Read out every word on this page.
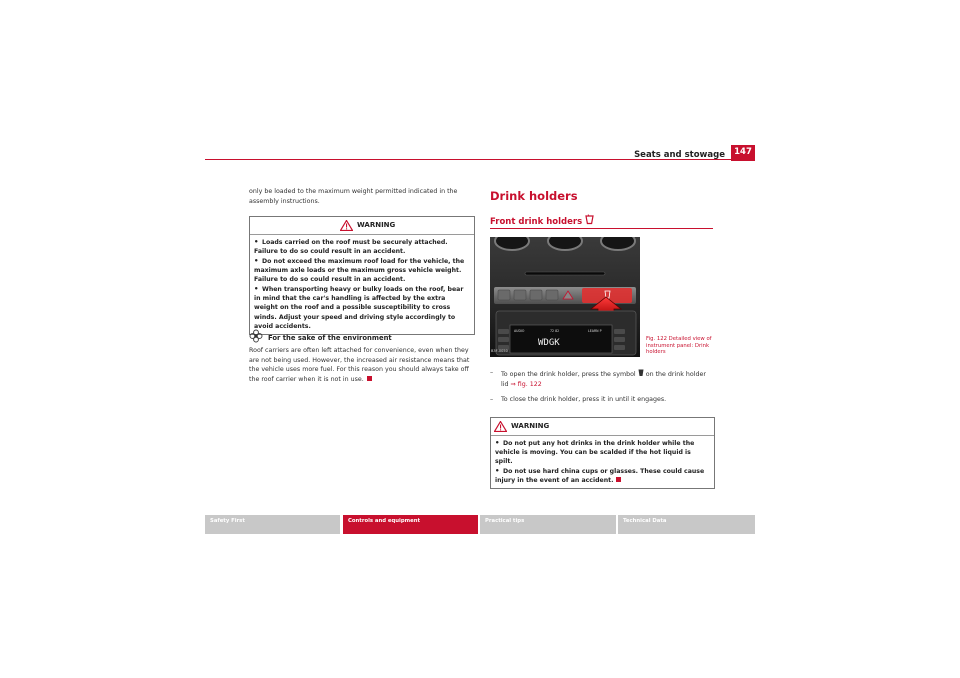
Seats and stowage	147
only be loaded to the maximum weight permitted indicated in the assembly instructions.
WARNING
• Loads carried on the roof must be securely attached. Failure to do so could result in an accident.
• Do not exceed the maximum roof load for the vehicle, the maximum axle loads or the maximum gross vehicle weight. Failure to do so could result in an accident.
• When transporting heavy or bulky loads on the roof, bear in mind that the car's handling is affected by the extra weight on the roof and a possible susceptibility to cross winds. Adjust your speed and driving style accordingly to avoid accidents.
For the sake of the environment
Roof carriers are often left attached for convenience, even when they are not being used. However, the increased air resistance means that the vehicle uses more fuel. For this reason you should always take off the roof carrier when it is not in use.
Drink holders
Front drink holders
AUDIO	72 82	LEARN P
WDGK
B3F-0050
Fig. 122 Detailed view of instrument panel: Drink holders
– To open the drink holder, press the symbol on the drink holder lid ⇒ fig. 122
– To close the drink holder, press it in until it engages.
WARNING
• Do not put any hot drinks in the drink holder while the vehicle is moving. You can be scalded if the hot liquid is spilt.
• Do not use hard china cups or glasses. These could cause injury in the event of an accident.
Safety First	Controls and equipment	Practical tips	Technical Data
